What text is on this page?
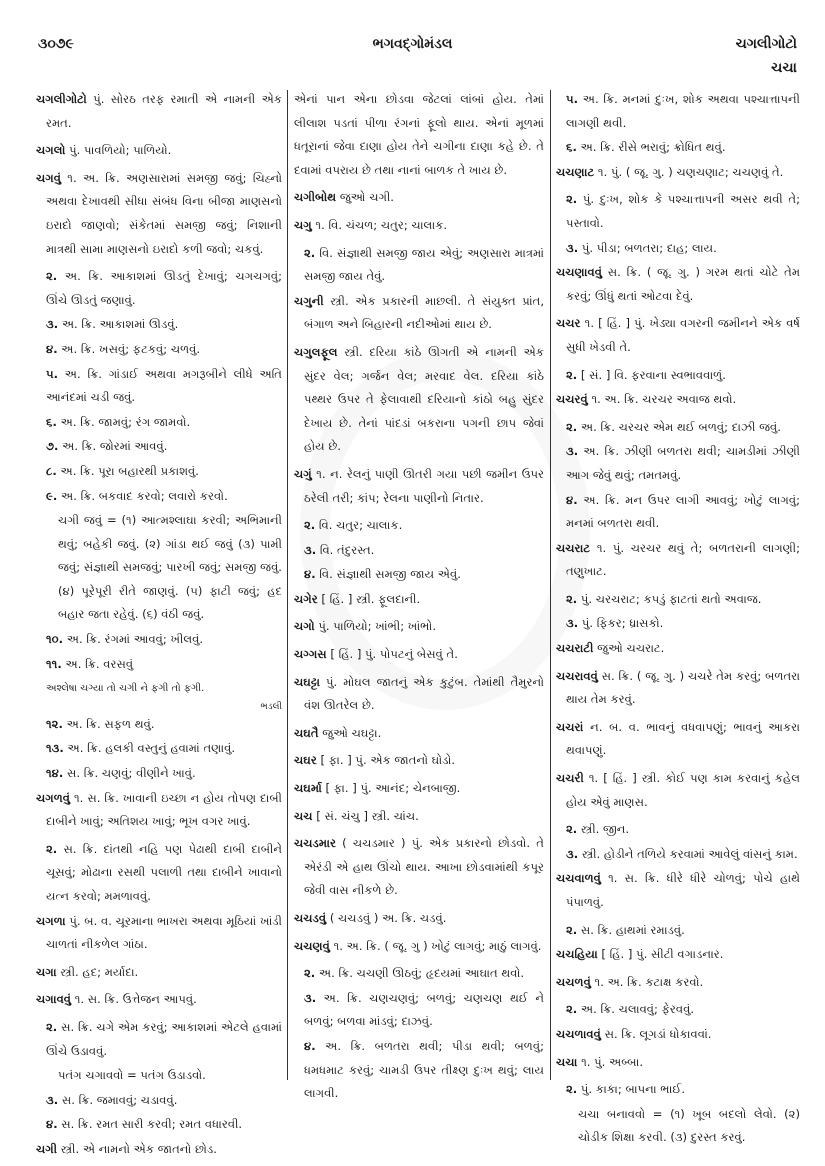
૩૦૭૯	ભગવદ્ગોમંડલ	ચગલીગોટો
ચચા
ચગલીગોટો પું. સોરઠ તરફ રમાતી એ નામની એક રમત.
ચગલો પું. પાવળિયો; પાળિયો.
ચગવું ૧. અ. ક્રિ. અણસારામાં સમજી જવું; ચિહ્નો અથવા દેખાવથી સીધા સંબંધ વિના બીજા માણસનો ઇરાદો જાણવો; સંકેતમાં સમજી જવું; નિશાની માત્રથી સામા માણસનો ઇરાદો કળી જવો; ચકવું.
૨. અ. ક્રિ. આકાશમાં ઊડતું દેખાવું; ચગચગવું; ઊંચે ઊડતું જણાવું.
૩. અ. ક્રિ. આકાશમાં ઊડવું.
૪. અ. ક્રિ. ખસવું; ફટકવું; ચળવું.
૫. અ. ક્રિ. ગાંડાઈ અથવા મગરૂબીને લીધે અતિ આનંદમાં ચડી જવું.
૬. અ. ક્રિ. જામવું; રંગ જામવો.
૭. અ. ક્રિ. જોરમાં આવવું.
૮. અ. ક્રિ. પૂરા બહારથી પ્રકાશવું.
૯. અ. ક્રિ. બકવાદ કરવો; લવારો કરવો.
ચગી જવું = (૧) આત્મશ્લાઘા કરવી; અભિમાની થવું; બહેકી જવું. (૨) ગાંડા થઈ જવું (૩) પામી જવું; સંજ્ઞાથી સમજવું; પારખી જવું; સમજી જવું. (૪) પૂરેપૂરી રીતે જાણવું. (૫) ફાટી જવું; હદ બહાર જતા રહેવું. (૬) વંઠી જવું.
૧૦. અ. ક્રિ. રંગમાં આવવું; ખીલવું.
૧૧. અ. ક્રિ. વરસવું
અશ્લેષા ચગ્યા તો ચગી ને ફગી તો ફગી.
ભડલી
૧૨. અ. ક્રિ. સફળ થવું.
૧૩. અ. ક્રિ. હલકી વસ્તુનું હવામાં તણાવું.
૧૪. સ. ક્રિ. ચણવું; વીણીને ખાવું.
ચગળવું ૧. સ. ક્રિ. ખાવાની ઇચ્છા ન હોય તોપણ દાબી દાબીને ખાવું; અતિશય ખાવું; ભૂખ વગર ખાવું.
૨. સ. ક્રિ. દાંતથી નહિ પણ પેઢાથી દાબી દાબીને ચૂસવું; મોઢાના રસથી પલાળી તથા દાબીને ખાવાનો યત્ન કરવો; મમળાવવું.
ચગળા પું. બ. વ. ચૂરમાના ભાખરા અથવા મૂઠિયાં ખાંડી ચાળતાં નીકળેલ ગાંઠા.
ચગા સ્ત્રી. હદ; મર્યાદા.
ચગાવવું ૧. સ. ક્રિ. ઉત્તેજન આપવું.
૨. સ. ક્રિ. ચગે એમ કરવું; આકાશમાં એટલે હવામાં ઊંચે ઉડાવવું.
પતંગ ચગાવવો = પતંગ ઉડાડવો.
૩. સ. ક્રિ. જમાવવું; ચડાવવું.
૪. સ. ક્રિ. રમત સારી કરવી; રમત વધારવી.
ચગી સ્ત્રી. એ નામનો એક જાતનો છોડ.
એનાં પાન એના છોડવા જેટલાં લાંબાં હોય. તેમાં લીલાશ પડતાં પીળા રંગનાં ફૂલો થાય. એનાં મૂળમાં ધતૂરાનાં જેવા દાણા હોય તેને ચગીના દાણા કહે છે. તે દવામાં વપરાય છે તથા નાનાં બાળક તે ખાય છે.
ચગીબોથ જુઓ ચગી.
ચગુ ૧. વિ. ચંચળ; ચતુર; ચાલાક.
૨. વિ. સંજ્ઞાથી સમજી જાય એવું; અણસારા માત્રમાં સમજી જાય તેવું.
ચગુની સ્ત્રી. એક પ્રકારની માછલી. તે સંયુક્ત પ્રાંત, બંગાળ અને બિહારની નદીઓમાં થાય છે.
ચગુલફૂલ સ્ત્રી. દરિયા કાંઠે ઊગતી એ નામની એક સુંદર વેલ; ગર્જન વેલ; મરવાદ વેલ. દરિયા કાંઠે પથ્થર ઉપર તે ફેલાવાથી દરિયાનો કાંઠો બહુ સુંદર દેખાય છે. તેનાં પાંદડાં બકરાના પગની છાપ જેવાં હોય છે.
ચગું ૧. ન. રેલનું પાણી ઊતરી ગયા પછી જમીન ઉપર ઠરેલી તરી; કાંપ; રેલના પાણીનો નિતાર.
૨. વિ. ચતુર; ચાલાક.
૩. વિ. તંદુરસ્ત.
૪. વિ. સંજ્ઞાથી સમજી જાય એવું.
ચગેર [ હિં. ] સ્ત્રી. ફૂલદાની.
ચગો પું. પાળિયો; ખાંભી; ખાંભો.
ચગ્ગસ [ હિં. ] પું. પોપટનું બેસવું તે.
ચઘટ્ટા પું. મોઘલ જાતનું એક કુટુંબ. તેમાંથી તૈમુરનો વંશ ઊતરેલ છે.
ચઘતૈ જુઓ ચઘટ્ટા.
ચઘર [ ફા. ] પું. એક જાતનો ઘોડો.
ચઘર્મા [ ફા. ] પું. આનંદ; ચેનબાજી.
ચચ [ સં. ચંચુ ] સ્ત્રી. ચાંચ.
ચચડમાર ( ચચડમાર ) પું. એક પ્રકારનો છોડવો. તે એરંડી એ હાથ ઊંચો થાય. આખા છોડવામાંથી કપૂર જેવી વાસ નીકળે છે.
ચચડવું ( ચચડવું ) અ. ક્રિ. ચડવું.
ચચણવું ૧. અ. ક્રિ. ( જૂ. ગુ ) ખોટું લાગવું; માઠું લાગવું.
૨. અ. ક્રિ. ચચણી ઊઠવું; હૃદયમાં આઘાત થવો.
૩. અ. ક્રિ. ચણચણવું; બળવું; ચણચણ થઈ ને બળવું; બળવા માંડવું; દાઝવું.
૪. અ. ક્રિ. બળતરા થવી; પીડા થવી; બળવું; ધમધમાટ કરવું; ચામડી ઉપર તીક્ષ્ણ દુઃખ થવું; લાય લાગવી.
૫. અ. ક્રિ. મનમાં દુઃખ, શોક અથવા પશ્ચાત્તાપની લાગણી થવી.
૬. અ. ક્રિ. રીસે ભરાવું; ક્રોધિત થવું.
ચચણાટ ૧. પું. ( જૂ. ગુ. ) ચણચણાટ; ચચણવું તે.
૨. પું. દુઃખ, શોક કે પશ્ચાત્તાપની અસર થવી તે; પસ્તાવો.
૩. પું. પીડા; બળતરા; દાહ; લાય.
ચચણાવવું સ. ક્રિ. ( જૂ. ગુ. ) ગરમ થતાં ચોટે તેમ કરવું; ઊંધું થતાં ઓટવા દેવું.
ચચર ૧. [ હિં. ] પું. ખેડ્યા વગરની જમીનને એક વર્ષ સુધી ખેડવી તે.
૨. [ સં. ] વિ. ફરવાના સ્વભાવવાળું.
ચચરવું ૧. અ. ક્રિ. ચરચર અવાજ થવો.
૨. અ. ક્રિ. ચરચર એમ થઈ બળવું; દાઝી જવું.
૩. અ. ક્રિ. ઝીણી બળતરા થવી; ચામડીમાં ઝીણી આગ જેવું થવું; તમતમવું.
૪. અ. ક્રિ. મન ઉપર લાગી આવવું; ખોટું લાગવું; મનમાં બળતરા થવી.
ચચરાટ ૧. પું. ચરચર થવું તે; બળતરાની લાગણી; તણુખાટ.
૨. પું. ચરચરાટ; કપડું ફાટતાં થતો અવાજ.
૩. પું. ફિકર; ધ્રાસકો.
ચચરાટી જુઓ ચચરાટ.
ચચરાવવું સ. ક્રિ. ( જૂ. ગુ. ) ચચરે તેમ કરવું; બળતરા થાય તેમ કરવું.
ચચરાં ન. બ. વ. ભાવનું વધવાપણું; ભાવનું આકરા થવાપણું.
ચચરી ૧. [ હિં. ] સ્ત્રી. કોઈ પણ કામ કરવાનું કહેલ હોય એવું માણસ.
૨. સ્ત્રી. જીન.
૩. સ્ત્રી. હોડીને તળિયે કરવામાં આવેલું વાંસનું કામ.
ચચવાળવું ૧. સ. ક્રિ. ધીરે ધીરે ચોળવું; પોચે હાથે પંપાળવું.
૨. સ. ક્રિ. હાથમાં રમાડવું.
ચચહિયા [ હિં. ] પું. સીટી વગાડનાર.
ચચળવું ૧. અ. ક્રિ. કટાક્ષ કરવો.
૨. અ. ક્રિ. ચલાવવું; ફેરવવું.
ચચળાવવું સ. ક્રિ. લૂગડાં ધોકાવવાં.
ચચા ૧. પું. અબ્બા.
૨. પું. કાકા; બાપના ભાઈ.
ચચા બનાવવો = (૧) ખૂબ બદલો લેવો. (૨) ચોડીક શિક્ષા કરવી. (૩) દુરસ્ત કરવું.
